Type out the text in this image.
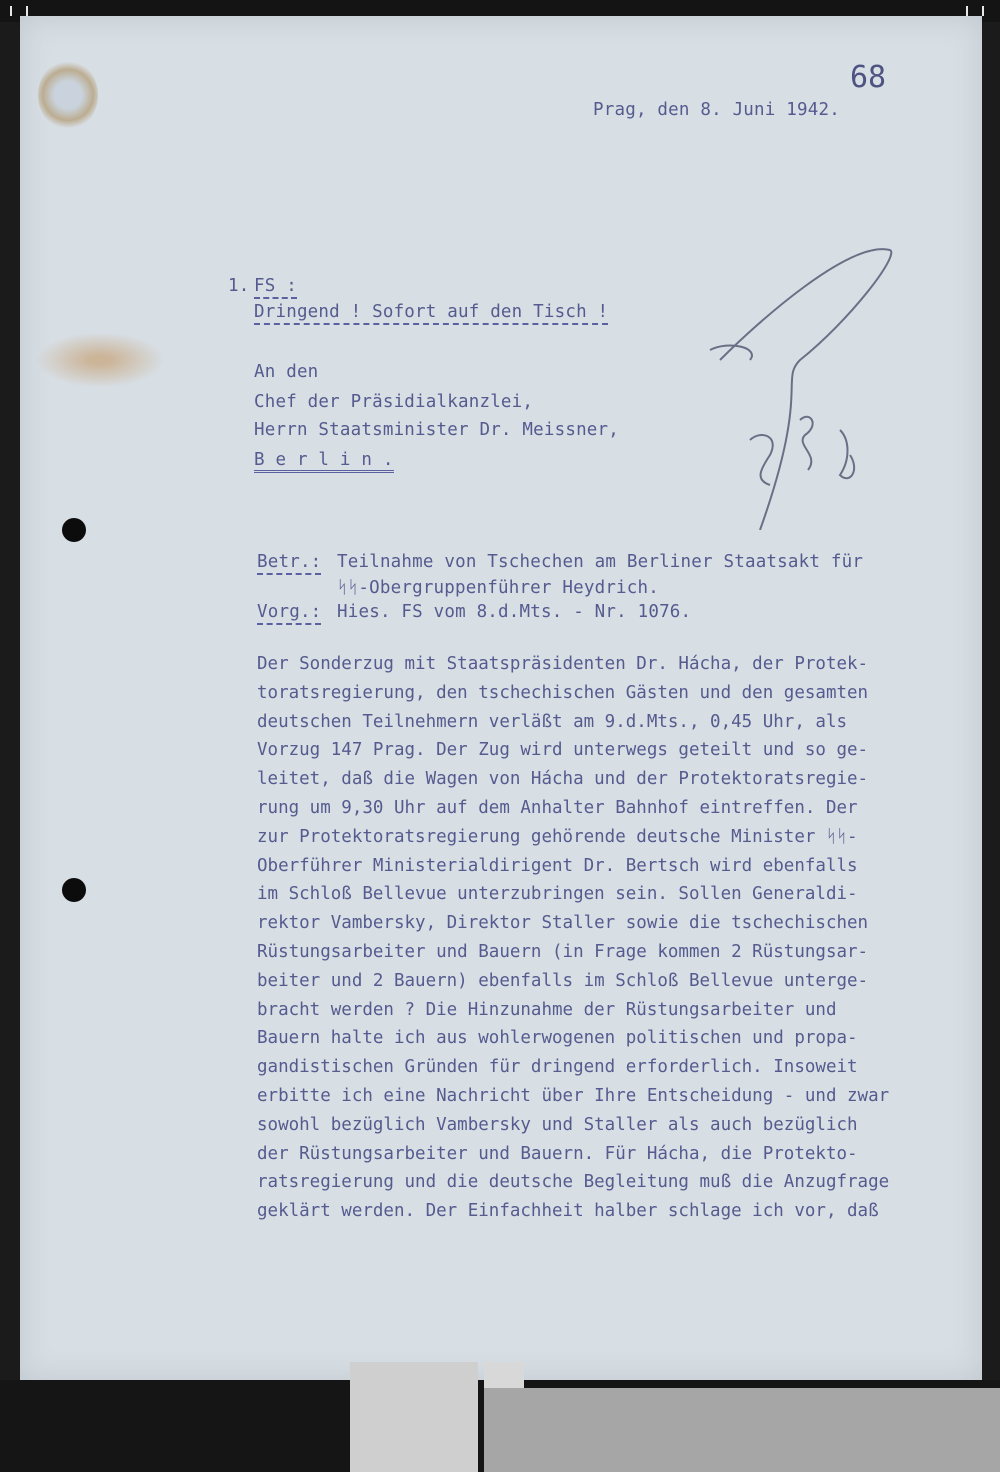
68
Prag, den 8. Juni 1942.
1. FS :
Dringend ! Sofort auf den Tisch !
An den
Chef der Präsidialkanzlei,
Herrn Staatsminister Dr. Meissner,
B e r l i n .
Betr.: Teilnahme von Tschechen am Berliner Staatsakt für
ᛋᛋ-Obergruppenführer Heydrich.
Vorg.: Hies. FS vom 8.d.Mts. - Nr. 1076.
Der Sonderzug mit Staatspräsidenten Dr. Hácha, der Protek-
toratsregierung, den tschechischen Gästen und den gesamten
deutschen Teilnehmern verläßt am 9.d.Mts., 0,45 Uhr, als
Vorzug 147 Prag. Der Zug wird unterwegs geteilt und so ge-
leitet, daß die Wagen von Hácha und der Protektoratsregie-
rung um 9,30 Uhr auf dem Anhalter Bahnhof eintreffen. Der
zur Protektoratsregierung gehörende deutsche Minister ᛋᛋ-
Oberführer Ministerialdirigent Dr. Bertsch wird ebenfalls
im Schloß Bellevue unterzubringen sein. Sollen Generaldi-
rektor Vambersky, Direktor Staller sowie die tschechischen
Rüstungsarbeiter und Bauern (in Frage kommen 2 Rüstungsar-
beiter und 2 Bauern) ebenfalls im Schloß Bellevue unterge-
bracht werden ? Die Hinzunahme der Rüstungsarbeiter und
Bauern halte ich aus wohlerwogenen politischen und propa-
gandistischen Gründen für dringend erforderlich. Insoweit
erbitte ich eine Nachricht über Ihre Entscheidung - und zwar
sowohl bezüglich Vambersky und Staller als auch bezüglich
der Rüstungsarbeiter und Bauern. Für Hácha, die Protekto-
ratsregierung und die deutsche Begleitung muß die Anzugfrage
geklärt werden. Der Einfachheit halber schlage ich vor, daß
